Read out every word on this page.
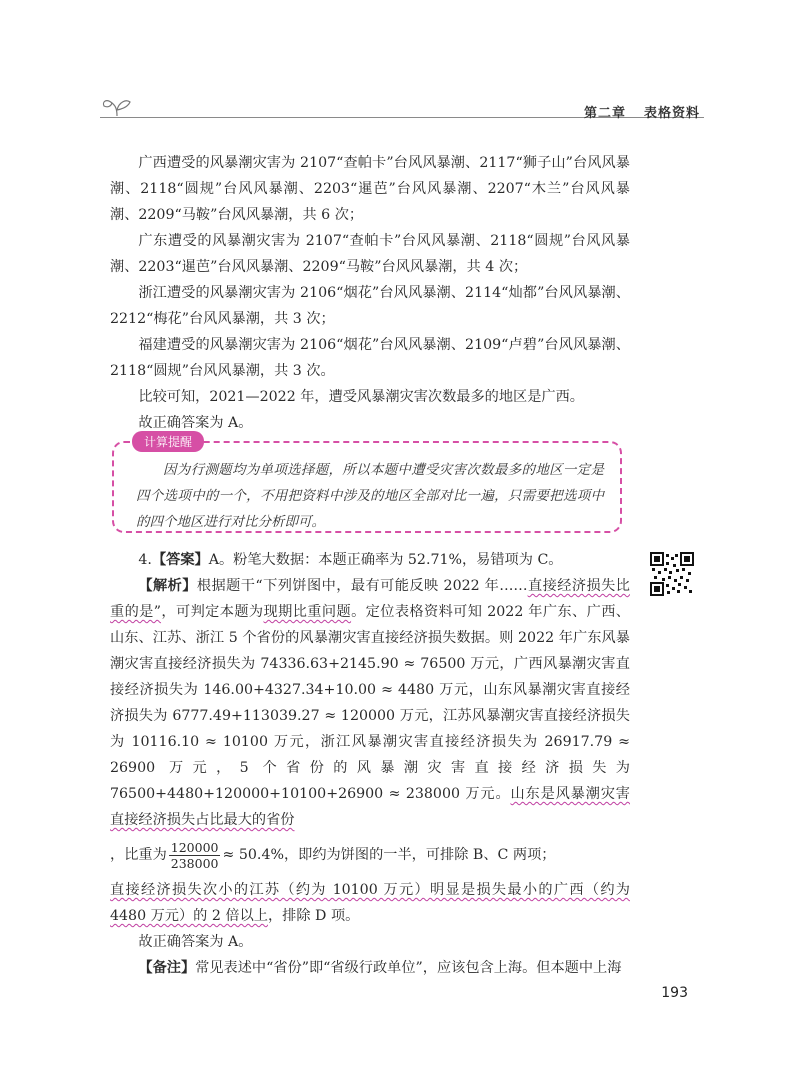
第二章 表格资料

广西遭受的风暴潮灾害为 2107“查帕卡”台风风暴潮、2117“狮子山”台风风暴潮、2118“圆规”台风风暴潮、2203“暹芭”台风风暴潮、2207“木兰”台风风暴潮、2209“马鞍”台风风暴潮，共 6 次；

广东遭受的风暴潮灾害为 2107“查帕卡”台风风暴潮、2118“圆规”台风风暴潮、2203“暹芭”台风风暴潮、2209“马鞍”台风风暴潮，共 4 次；

浙江遭受的风暴潮灾害为 2106“烟花”台风风暴潮、2114“灿都”台风风暴潮、2212“梅花”台风风暴潮，共 3 次；

福建遭受的风暴潮灾害为 2106“烟花”台风风暴潮、2109“卢碧”台风风暴潮、2118“圆规”台风风暴潮，共 3 次。

比较可知，2021—2022 年，遭受风暴潮灾害次数最多的地区是广西。

故正确答案为 A。

计算提醒

因为行测题均为单项选择题，所以本题中遭受灾害次数最多的地区一定是四个选项中的一个，不用把资料中涉及的地区全部对比一遍，只需要把选项中的四个地区进行对比分析即可。

4.【答案】A。粉笔大数据：本题正确率为 52.71%，易错项为 C。

【解析】根据题干“下列饼图中，最有可能反映 2022 年……直接经济损失比重的是”，可判定本题为现期比重问题。定位表格资料可知 2022 年广东、广西、山东、江苏、浙江 5 个省份的风暴潮灾害直接经济损失数据。则 2022 年广东风暴潮灾害直接经济损失为 74336.63+2145.90 ≈ 76500 万元，广西风暴潮灾害直接经济损失为 146.00+4327.34+10.00 ≈ 4480 万元，山东风暴潮灾害直接经济损失为 6777.49+113039.27 ≈ 120000 万元，江苏风暴潮灾害直接经济损失为 10116.10 ≈ 10100 万元，浙江风暴潮灾害直接经济损失为 26917.79 ≈ 26900 万元，5 个省份的风暴潮灾害直接经济损失为 76500+4480+120000+10100+26900 ≈ 238000 万元。山东是风暴潮灾害直接经济损失占比最大的省份

，比重为 $\frac{120000}{238000} \approx 50.4\%$，即约为饼图的一半，可排除 B、C 两项；

直接经济损失次小的江苏（约为 10100 万元）明显是损失最小的广西（约为 4480 万元）的 2 倍以上，排除 D 项。

故正确答案为 A。

【备注】常见表述中“省份”即“省级行政单位”，应该包含上海。但本题中上海

193
